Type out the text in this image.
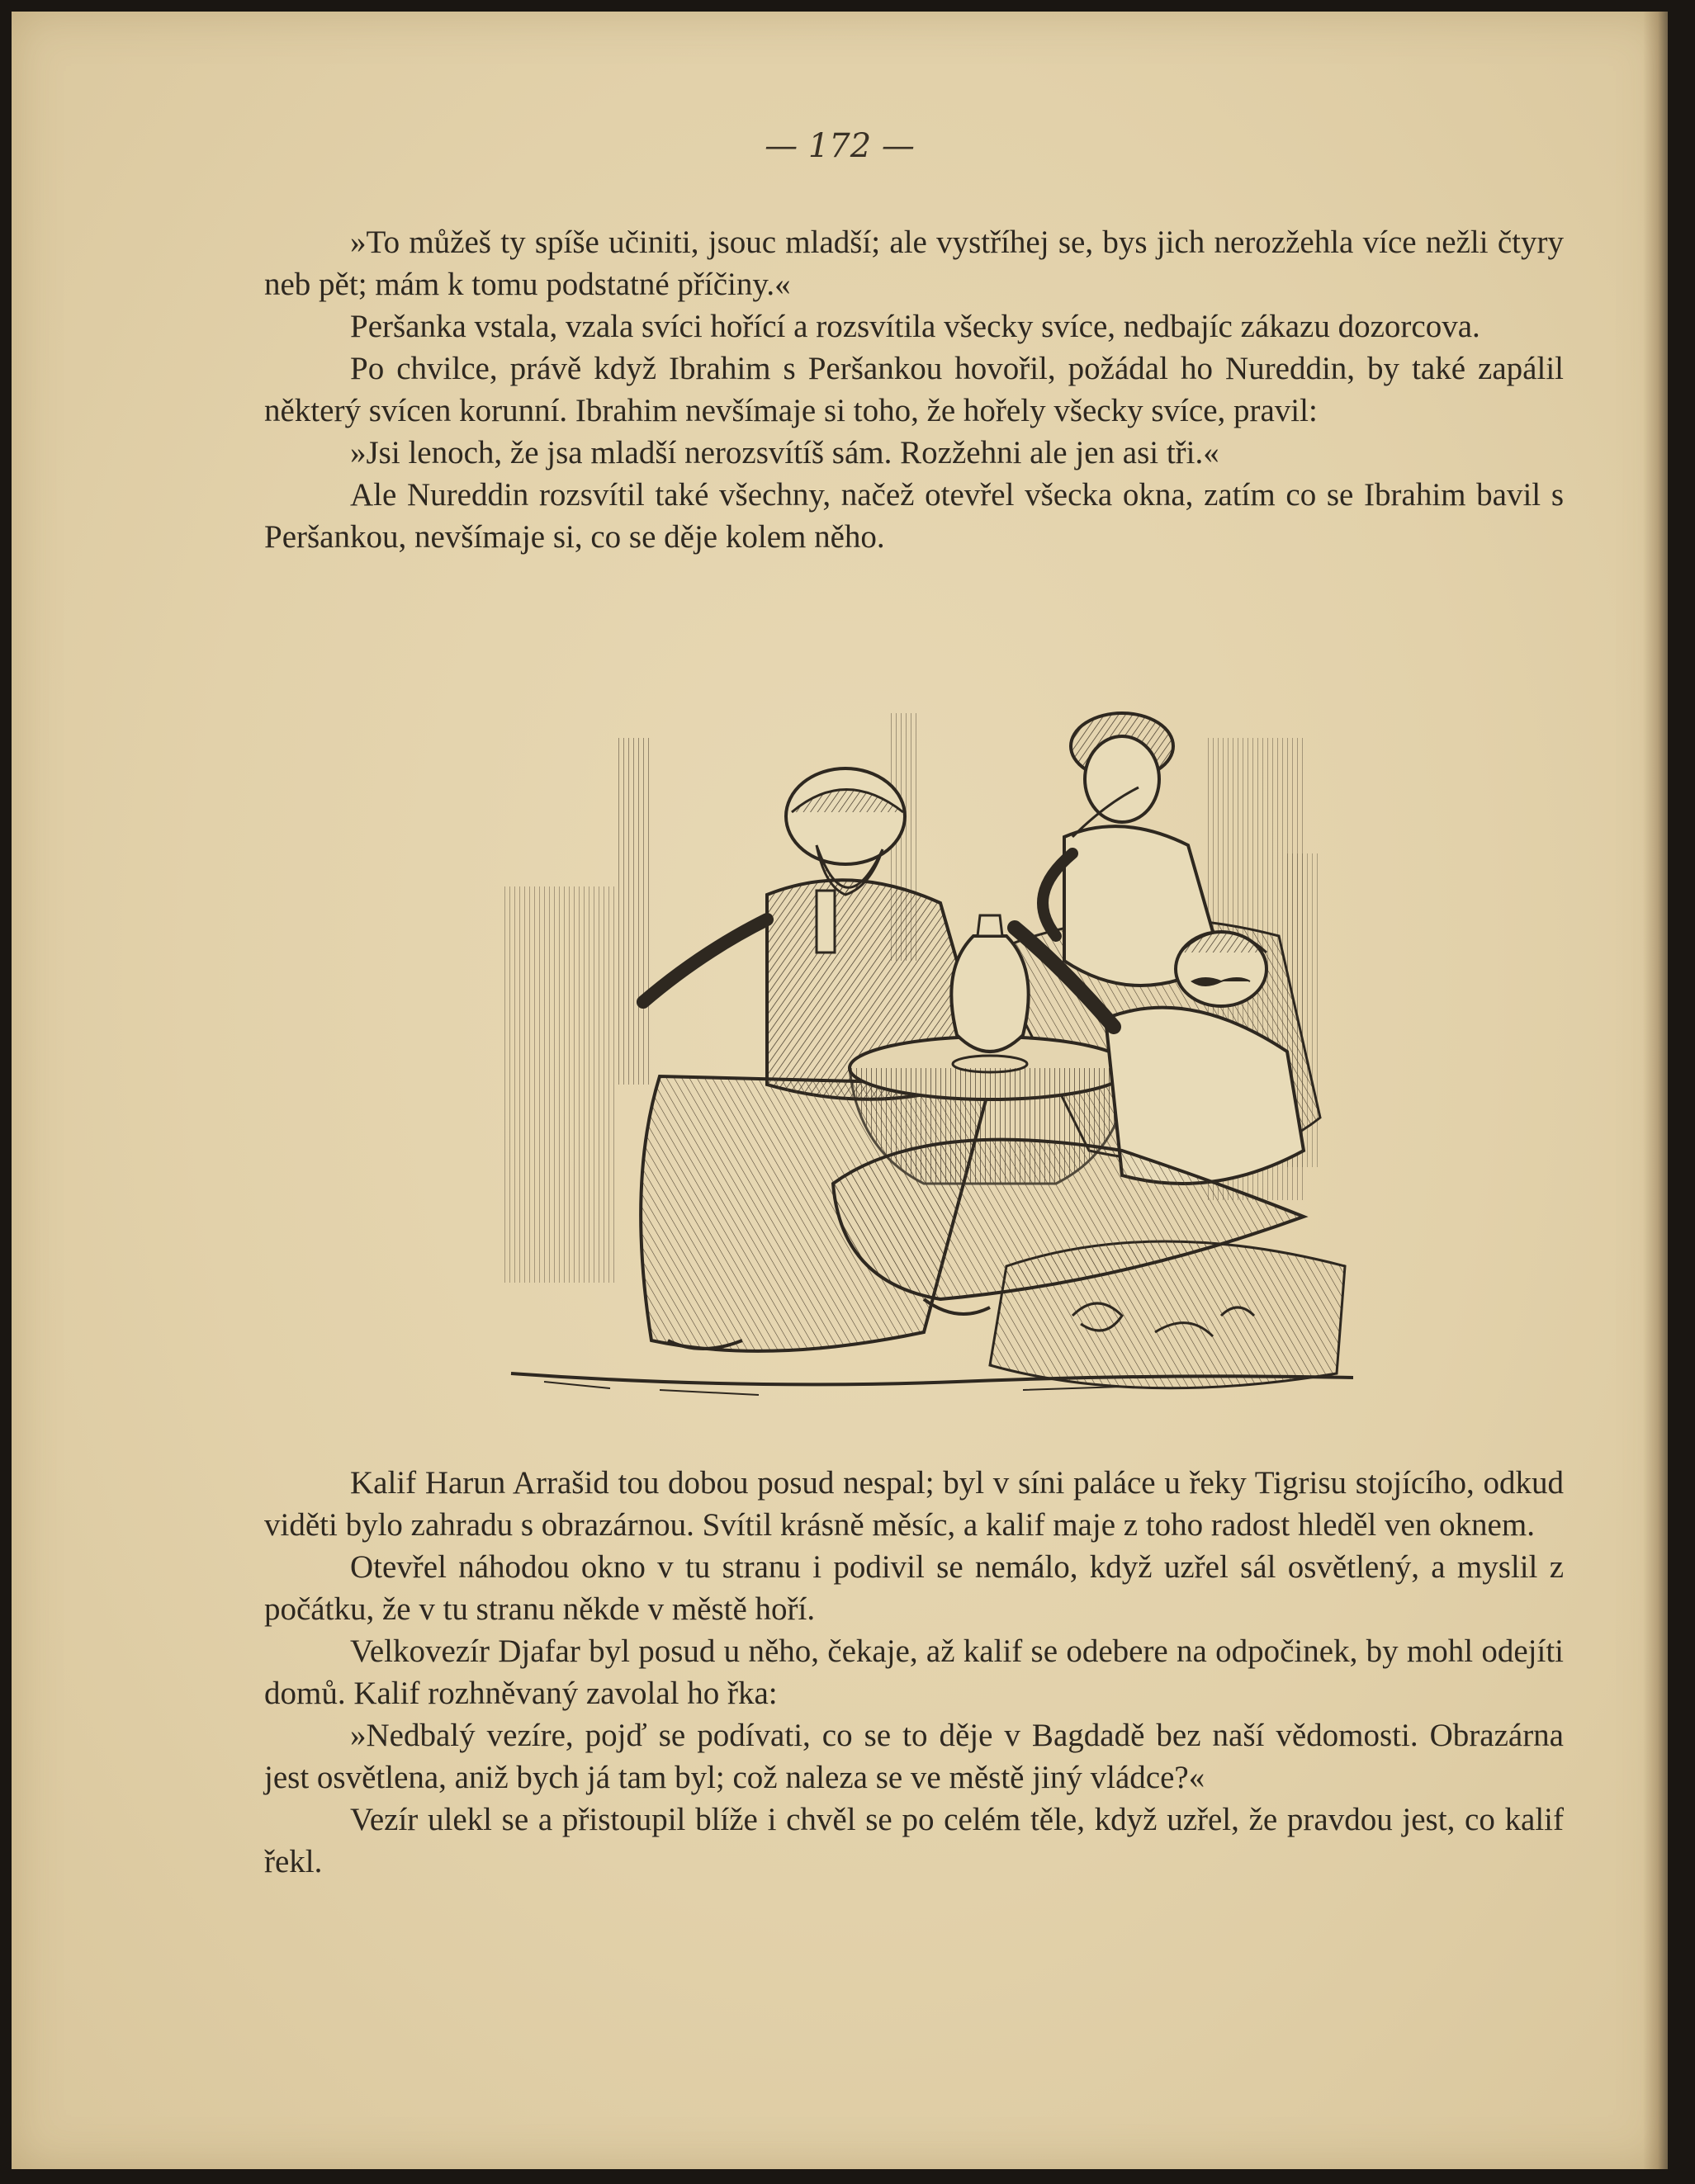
— 172 —

»To můžeš ty spíše učiniti, jsouc mladší; ale vystříhej se, bys jich nerozžehla více nežli čtyry neb pět; mám k tomu podstatné příčiny.«

Peršanka vstala, vzala svíci hořící a rozsvítila všecky svíce, nedbajíc zákazu dozorcova.

Po chvilce, právě když Ibrahim s Peršankou hovořil, požádal ho Nureddin, by také zapálil některý svícen korunní. Ibrahim nevšímaje si toho, že hořely všecky svíce, pravil:

»Jsi lenoch, že jsa mladší nerozsvítíš sám. Rozžehni ale jen asi tři.«

Ale Nureddin rozsvítil také všechny, načež otevřel všecka okna, zatím co se Ibrahim bavil s Peršankou, nevšímaje si, co se děje kolem něho.

Kalif Harun Arrašid tou dobou posud nespal; byl v síni paláce u řeky Tigrisu stojícího, odkud viděti bylo zahradu s obrazárnou. Svítil krásně měsíc, a kalif maje z toho radost hleděl ven oknem.

Otevřel náhodou okno v tu stranu i podivil se nemálo, když uzřel sál osvětlený, a myslil z počátku, že v tu stranu někde v městě hoří.

Velkovezír Djafar byl posud u něho, čekaje, až kalif se odebere na odpočinek, by mohl odejíti domů. Kalif rozhněvaný zavolal ho řka:

»Nedbalý vezíre, pojď se podívati, co se to děje v Bagdadě bez naší vědomosti. Obrazárna jest osvětlena, aniž bych já tam byl; což naleza se ve městě jiný vládce?«

Vezír ulekl se a přistoupil blíže i chvěl se po celém těle, když uzřel, že pravdou jest, co kalif řekl.
